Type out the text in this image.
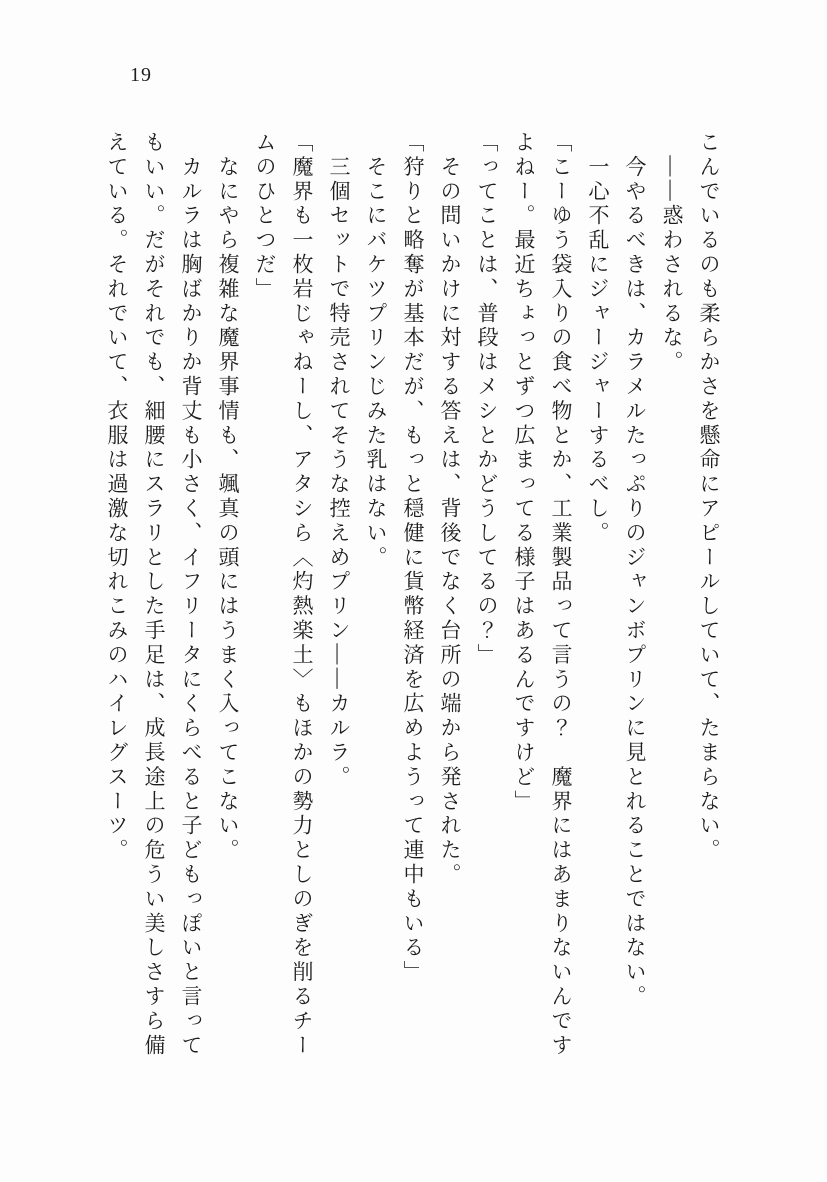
19
こんでいるのも柔らかさを懸命にアピールしていて、たまらない。
　——惑わされるな。
　今やるべきは、カラメルたっぷりのジャンボプリンに見とれることではない。
　一心不乱にジャージャーするべし。
「こーゆう袋入りの食べ物とか、工業製品って言うの？　魔界にはあまりないんです
よねー。最近ちょっとずつ広まってる様子はあるんですけど」
「ってことは、普段はメシとかどうしてるの？」
　その問いかけに対する答えは、背後でなく台所の端から発された。
「狩りと略奪が基本だが、もっと穏健に貨幣経済を広めようって連中もいる」
　そこにバケツプリンじみた乳はない。
　三個セットで特売されてそうな控えめプリン——カルラ。
「魔界も一枚岩じゃねーし、アタシら〈灼熱楽土〉もほかの勢力としのぎを削るチー
ムのひとつだ」
　なにやら複雑な魔界事情も、颯真の頭にはうまく入ってこない。
　カルラは胸ばかりか背丈も小さく、イフリータにくらべると子どもっぽいと言って
もいい。だがそれでも、細腰にスラリとした手足は、成長途上の危うい美しさすら備
えている。それでいて、衣服は過激な切れこみのハイレグスーツ。
